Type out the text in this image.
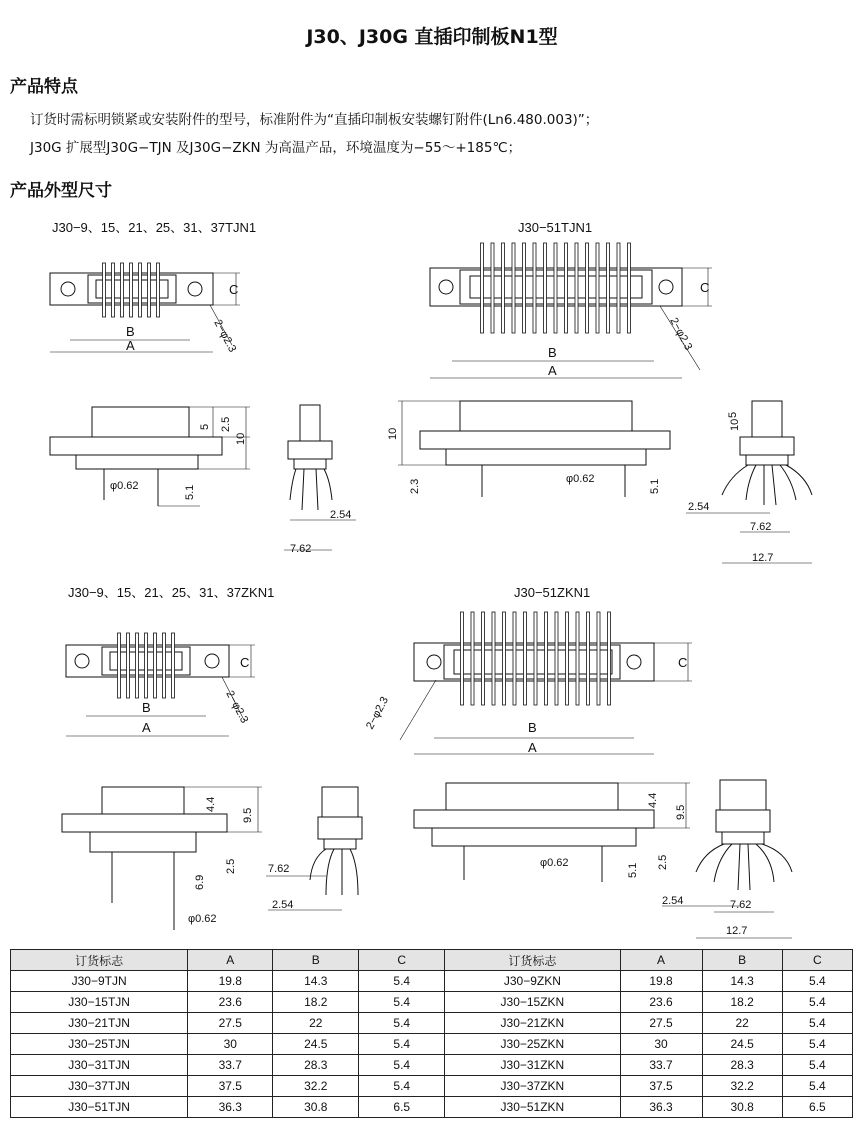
J30、J30G 直插印制板N1型
产品特点
订货时需标明锁紧或安装附件的型号，标准附件为“直插印制板安装螺钉附件(Ln6.480.003)”；
J30G 扩展型J30G−TJN 及J30G−ZKN 为高温产品，环境温度为−55～+185℃；
产品外型尺寸
J30−9、15、21、25、31、37TJN1
C
2−φ2.3
B
A
5 2.5
10
φ0.62	5.1
2.54
7.62
J30−51TJN1
C
2−φ2.3
B
A
10
2.3	φ0.62	5.1
10
5
2.54
7.62
12.7
J30−9、15、21、25、31、37ZKN1
C
2−φ2.3
B
A
4.4
9.5
2.5
6.9
φ0.62
7.62
2.54
J30−51ZKN1
C
2−φ2.3	B
A
4.4
9.5
2.5
φ0.62	5.1
2.54	7.62
12.7
订货标志	A	B	C	订货标志	A	B	C
J30−9TJN	19.8	14.3	5.4	J30−9ZKN	19.8	14.3	5.4
J30−15TJN	23.6	18.2	5.4	J30−15ZKN	23.6	18.2	5.4
J30−21TJN	27.5	22	5.4	J30−21ZKN	27.5	22	5.4
J30−25TJN	30	24.5	5.4	J30−25ZKN	30	24.5	5.4
J30−31TJN	33.7	28.3	5.4	J30−31ZKN	33.7	28.3	5.4
J30−37TJN	37.5	32.2	5.4	J30−37ZKN	37.5	32.2	5.4
J30−51TJN	36.3	30.8	6.5	J30−51ZKN	36.3	30.8	6.5
